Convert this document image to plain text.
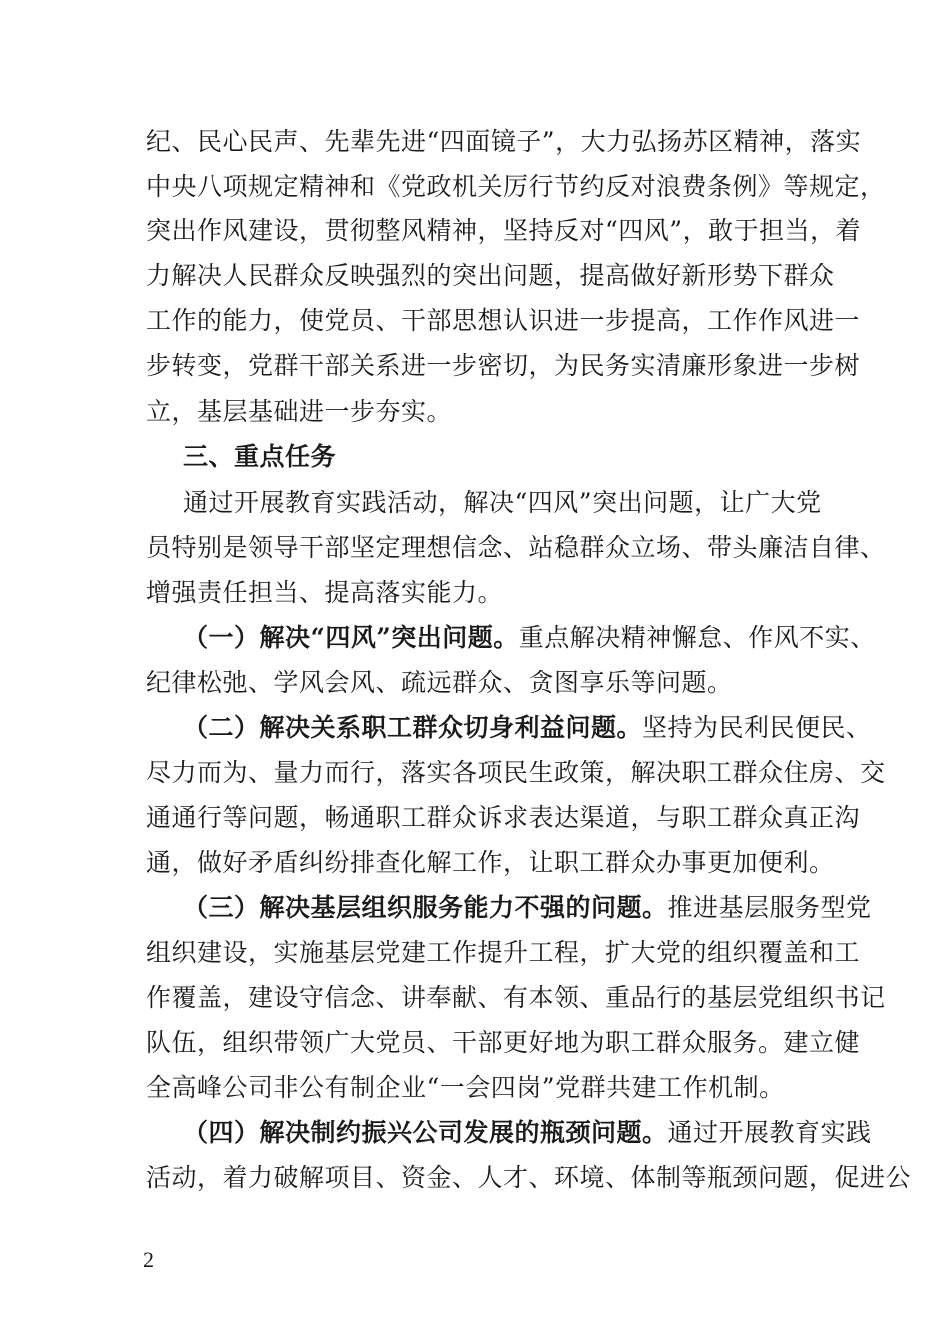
纪、民心民声、先辈先进“四面镜子”，大力弘扬苏区精神，落实
中央八项规定精神和《党政机关厉行节约反对浪费条例》等规定，
突出作风建设，贯彻整风精神，坚持反对“四风”，敢于担当，着
力解决人民群众反映强烈的突出问题，提高做好新形势下群众
工作的能力，使党员、干部思想认识进一步提高，工作作风进一
步转变，党群干部关系进一步密切，为民务实清廉形象进一步树
立，基层基础进一步夯实。
三、重点任务
通过开展教育实践活动，解决“四风”突出问题，让广大党
员特别是领导干部坚定理想信念、站稳群众立场、带头廉洁自律、
增强责任担当、提高落实能力。
（一）解决“四风”突出问题。重点解决精神懈怠、作风不实、
纪律松弛、学风会风、疏远群众、贪图享乐等问题。
（二）解决关系职工群众切身利益问题。坚持为民利民便民、
尽力而为、量力而行，落实各项民生政策，解决职工群众住房、交
通通行等问题，畅通职工群众诉求表达渠道，与职工群众真正沟
通，做好矛盾纠纷排查化解工作，让职工群众办事更加便利。
（三）解决基层组织服务能力不强的问题。推进基层服务型党
组织建设，实施基层党建工作提升工程，扩大党的组织覆盖和工
作覆盖，建设守信念、讲奉献、有本领、重品行的基层党组织书记
队伍，组织带领广大党员、干部更好地为职工群众服务。建立健
全高峰公司非公有制企业“一会四岗”党群共建工作机制。
（四）解决制约振兴公司发展的瓶颈问题。通过开展教育实践
活动，着力破解项目、资金、人才、环境、体制等瓶颈问题，促进公
2
